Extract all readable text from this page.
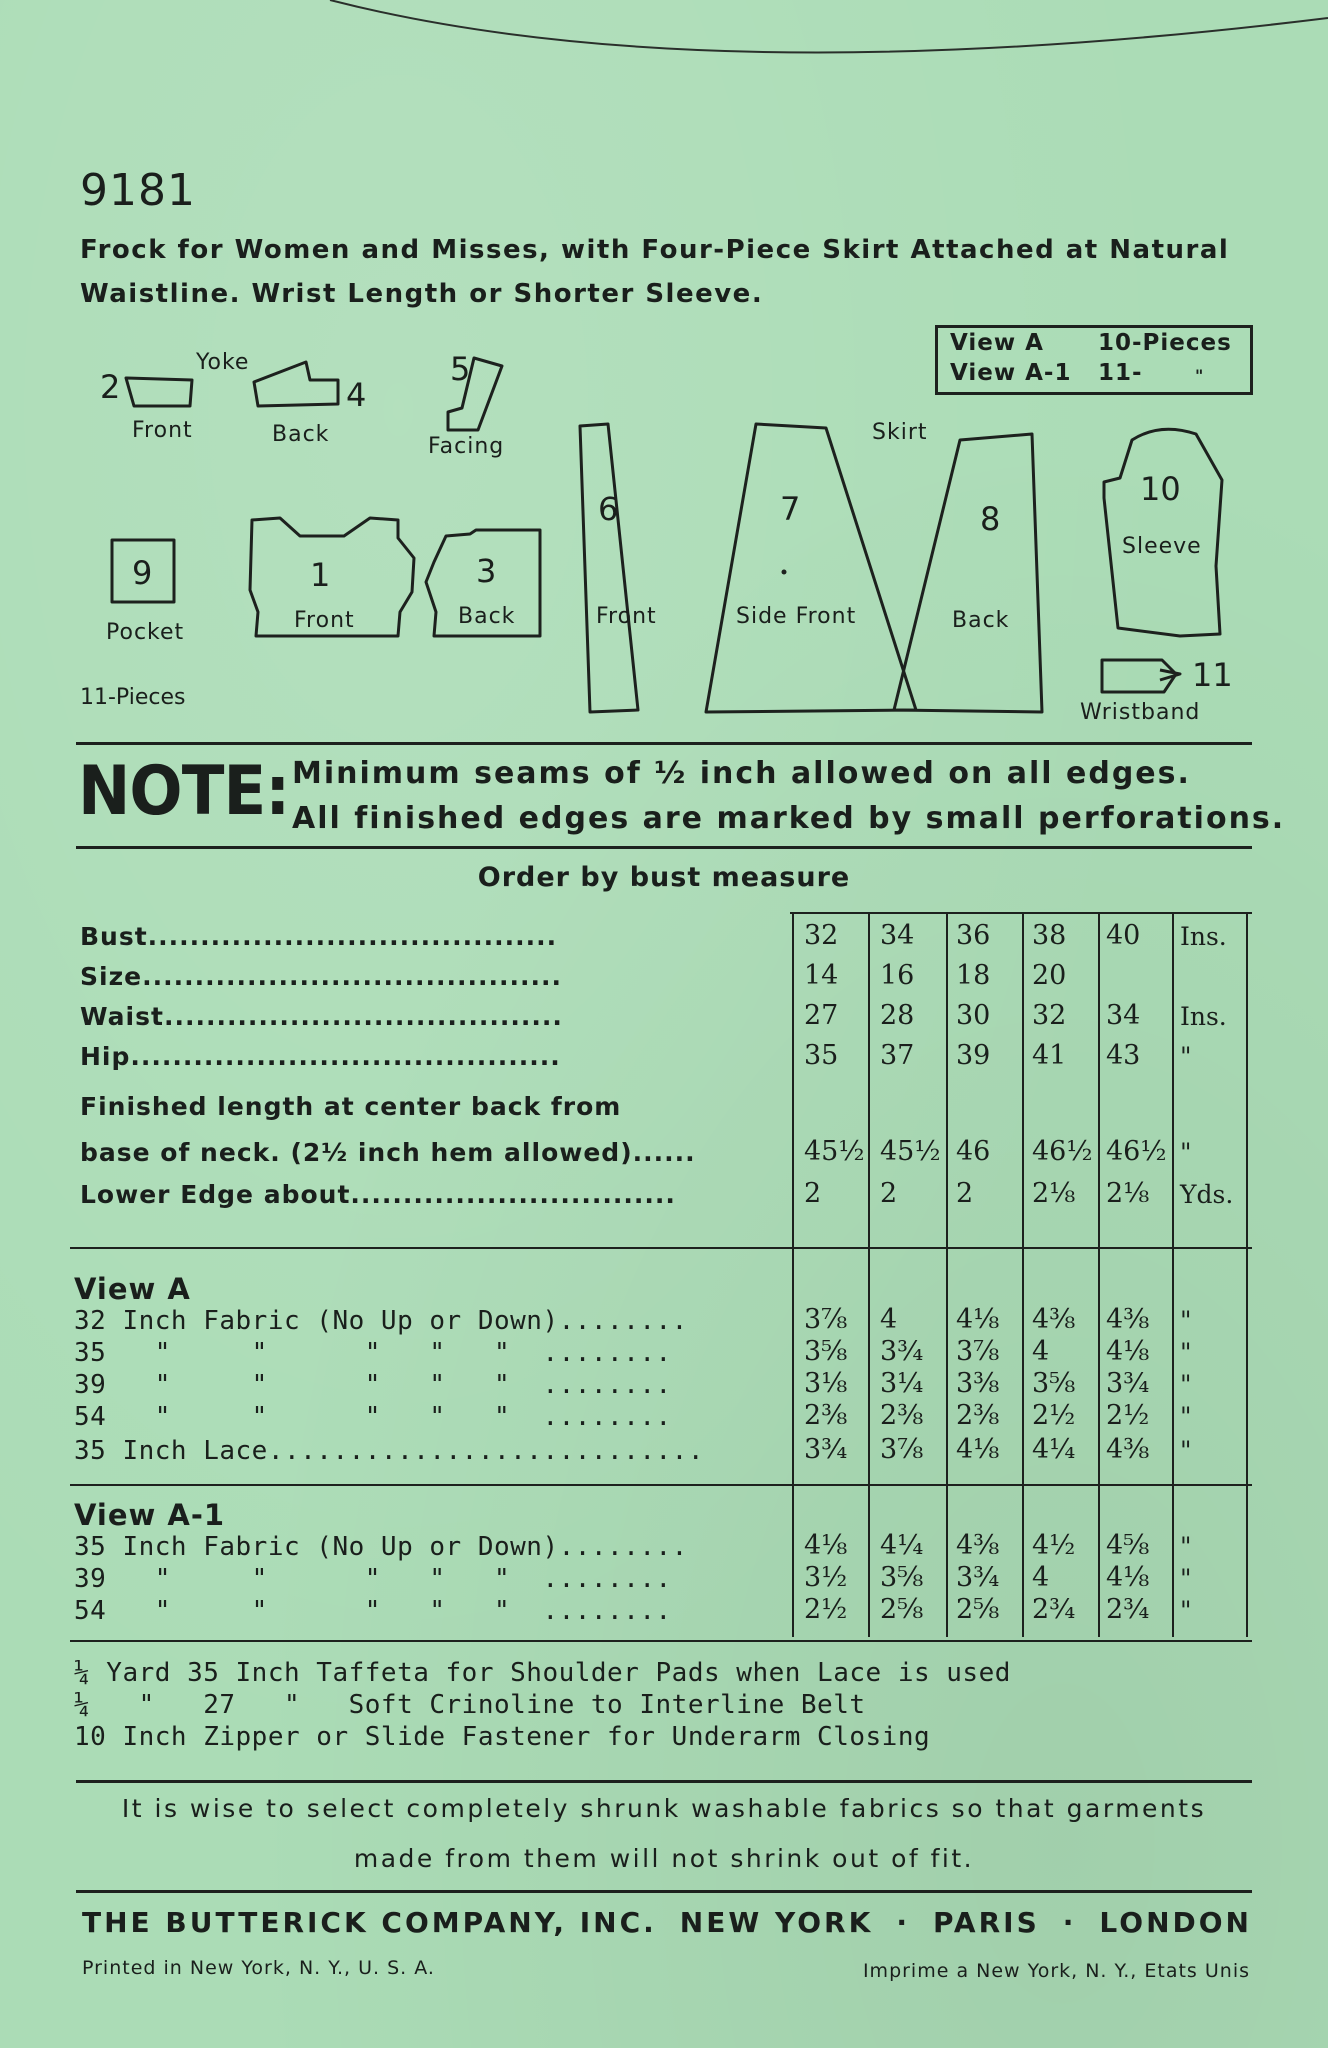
9181
Frock for Women and Misses, with Four-Piece Skirt Attached at Natural
Waistline. Wrist Length or Shorter Sleeve.
View A 10-Pieces
View A-1 11-	"
Yoke
2
Front
4
Back
5
Facing
9
Pocket
1
Front
3
Back
6
Front
7
Side Front
Skirt
8
Back
10
Sleeve
11
Wristband
11-Pieces
NOTE: Minimum seams of ½ inch allowed on all edges.
All finished edges are marked by small perforations.
Order by bust measure
Bust.......................................	32 34 36 38 40 Ins.
Size........................................	14 16 18 20
Waist......................................	27 28 30 32 34 Ins.
Hip.........................................	35 37 39 41 43 "
Finished length at center back from
base of neck. (2½ inch hem allowed)......	45½ 45½ 46 46½ 46½ "
Lower Edge about...............................	2 2 2 2⅛ 2⅛ Yds.
View A
32 Inch Fabric (No Up or Down)........	3⅞ 4 4⅛ 4⅜ 4⅜ "
35   "     "      "   "   "  ........	3⅝ 3¾ 3⅞ 4 4⅛ "
39   "     "      "   "   "  ........	3⅛ 3¼ 3⅜ 3⅝ 3¾ "
54   "     "      "   "   "  ........	2⅜ 2⅜ 2⅜ 2½ 2½ "
35 Inch Lace...........................	3¾ 3⅞ 4⅛ 4¼ 4⅜ "
View A-1
35 Inch Fabric (No Up or Down)........	4⅛ 4¼ 4⅜ 4½ 4⅝ "
39   "     "      "   "   "  ........	3½ 3⅝ 3¾ 4 4⅛ "
54   "     "      "   "   "  ........	2½ 2⅝ 2⅝ 2¾ 2¾ "
¼ Yard 35 Inch Taffeta for Shoulder Pads when Lace is used
¼   "   27   "   Soft Crinoline to Interline Belt
10 Inch Zipper or Slide Fastener for Underarm Closing
It is wise to select completely shrunk washable fabrics so that garments
made from them will not shrink out of fit.
THE BUTTERICK COMPANY, INC. NEW YORK · PARIS · LONDON
Printed in New York, N. Y., U. S. A.	Imprime a New York, N. Y., Etats Unis
